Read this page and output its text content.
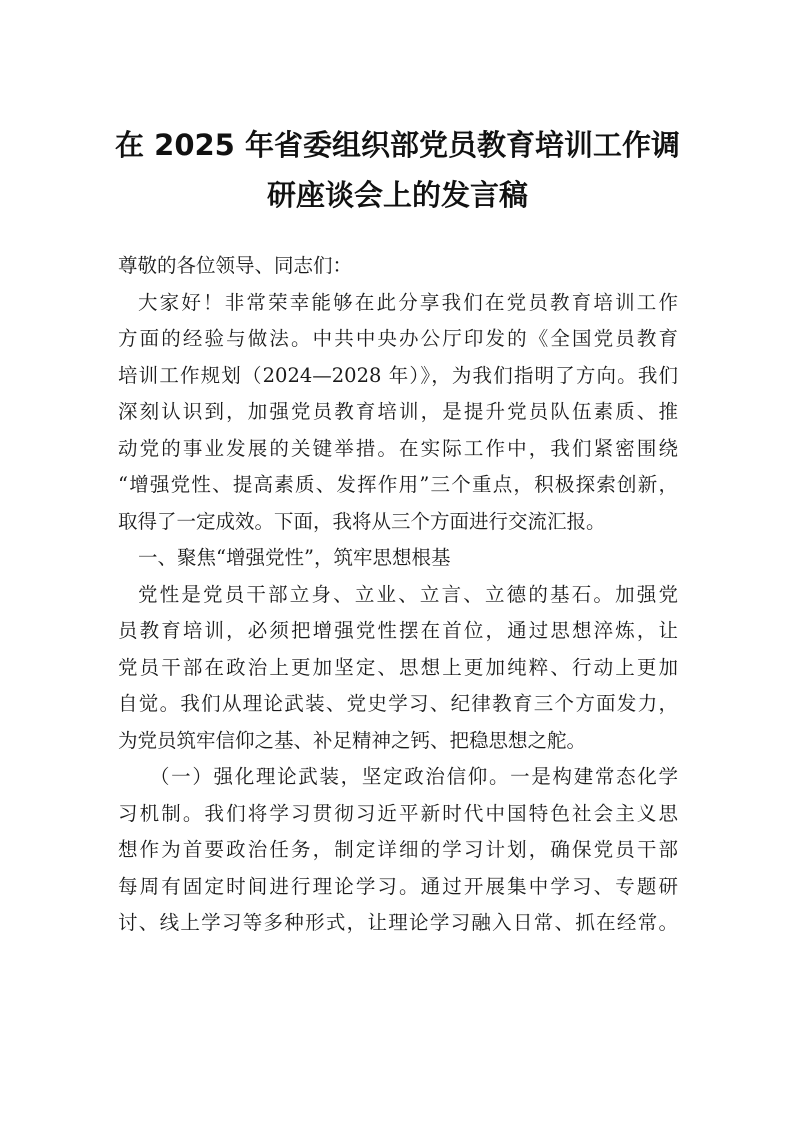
在 2025 年省委组织部党员教育培训工作调
研座谈会上的发言稿
尊敬的各位领导、同志们：
大家好！非常荣幸能够在此分享我们在党员教育培训工作
方面的经验与做法。中共中央办公厅印发的《全国党员教育
培训工作规划（2024—2028 年）》，为我们指明了方向。我们
深刻认识到，加强党员教育培训，是提升党员队伍素质、推
动党的事业发展的关键举措。在实际工作中，我们紧密围绕
“增强党性、提高素质、发挥作用”三个重点，积极探索创新，
取得了一定成效。下面，我将从三个方面进行交流汇报。
一、聚焦“增强党性”，筑牢思想根基
党性是党员干部立身、立业、立言、立德的基石。加强党
员教育培训，必须把增强党性摆在首位，通过思想淬炼，让
党员干部在政治上更加坚定、思想上更加纯粹、行动上更加
自觉。我们从理论武装、党史学习、纪律教育三个方面发力，
为党员筑牢信仰之基、补足精神之钙、把稳思想之舵。
（一）强化理论武装，坚定政治信仰。一是构建常态化学
习机制。我们将学习贯彻习近平新时代中国特色社会主义思
想作为首要政治任务，制定详细的学习计划，确保党员干部
每周有固定时间进行理论学习。通过开展集中学习、专题研
讨、线上学习等多种形式，让理论学习融入日常、抓在经常。
